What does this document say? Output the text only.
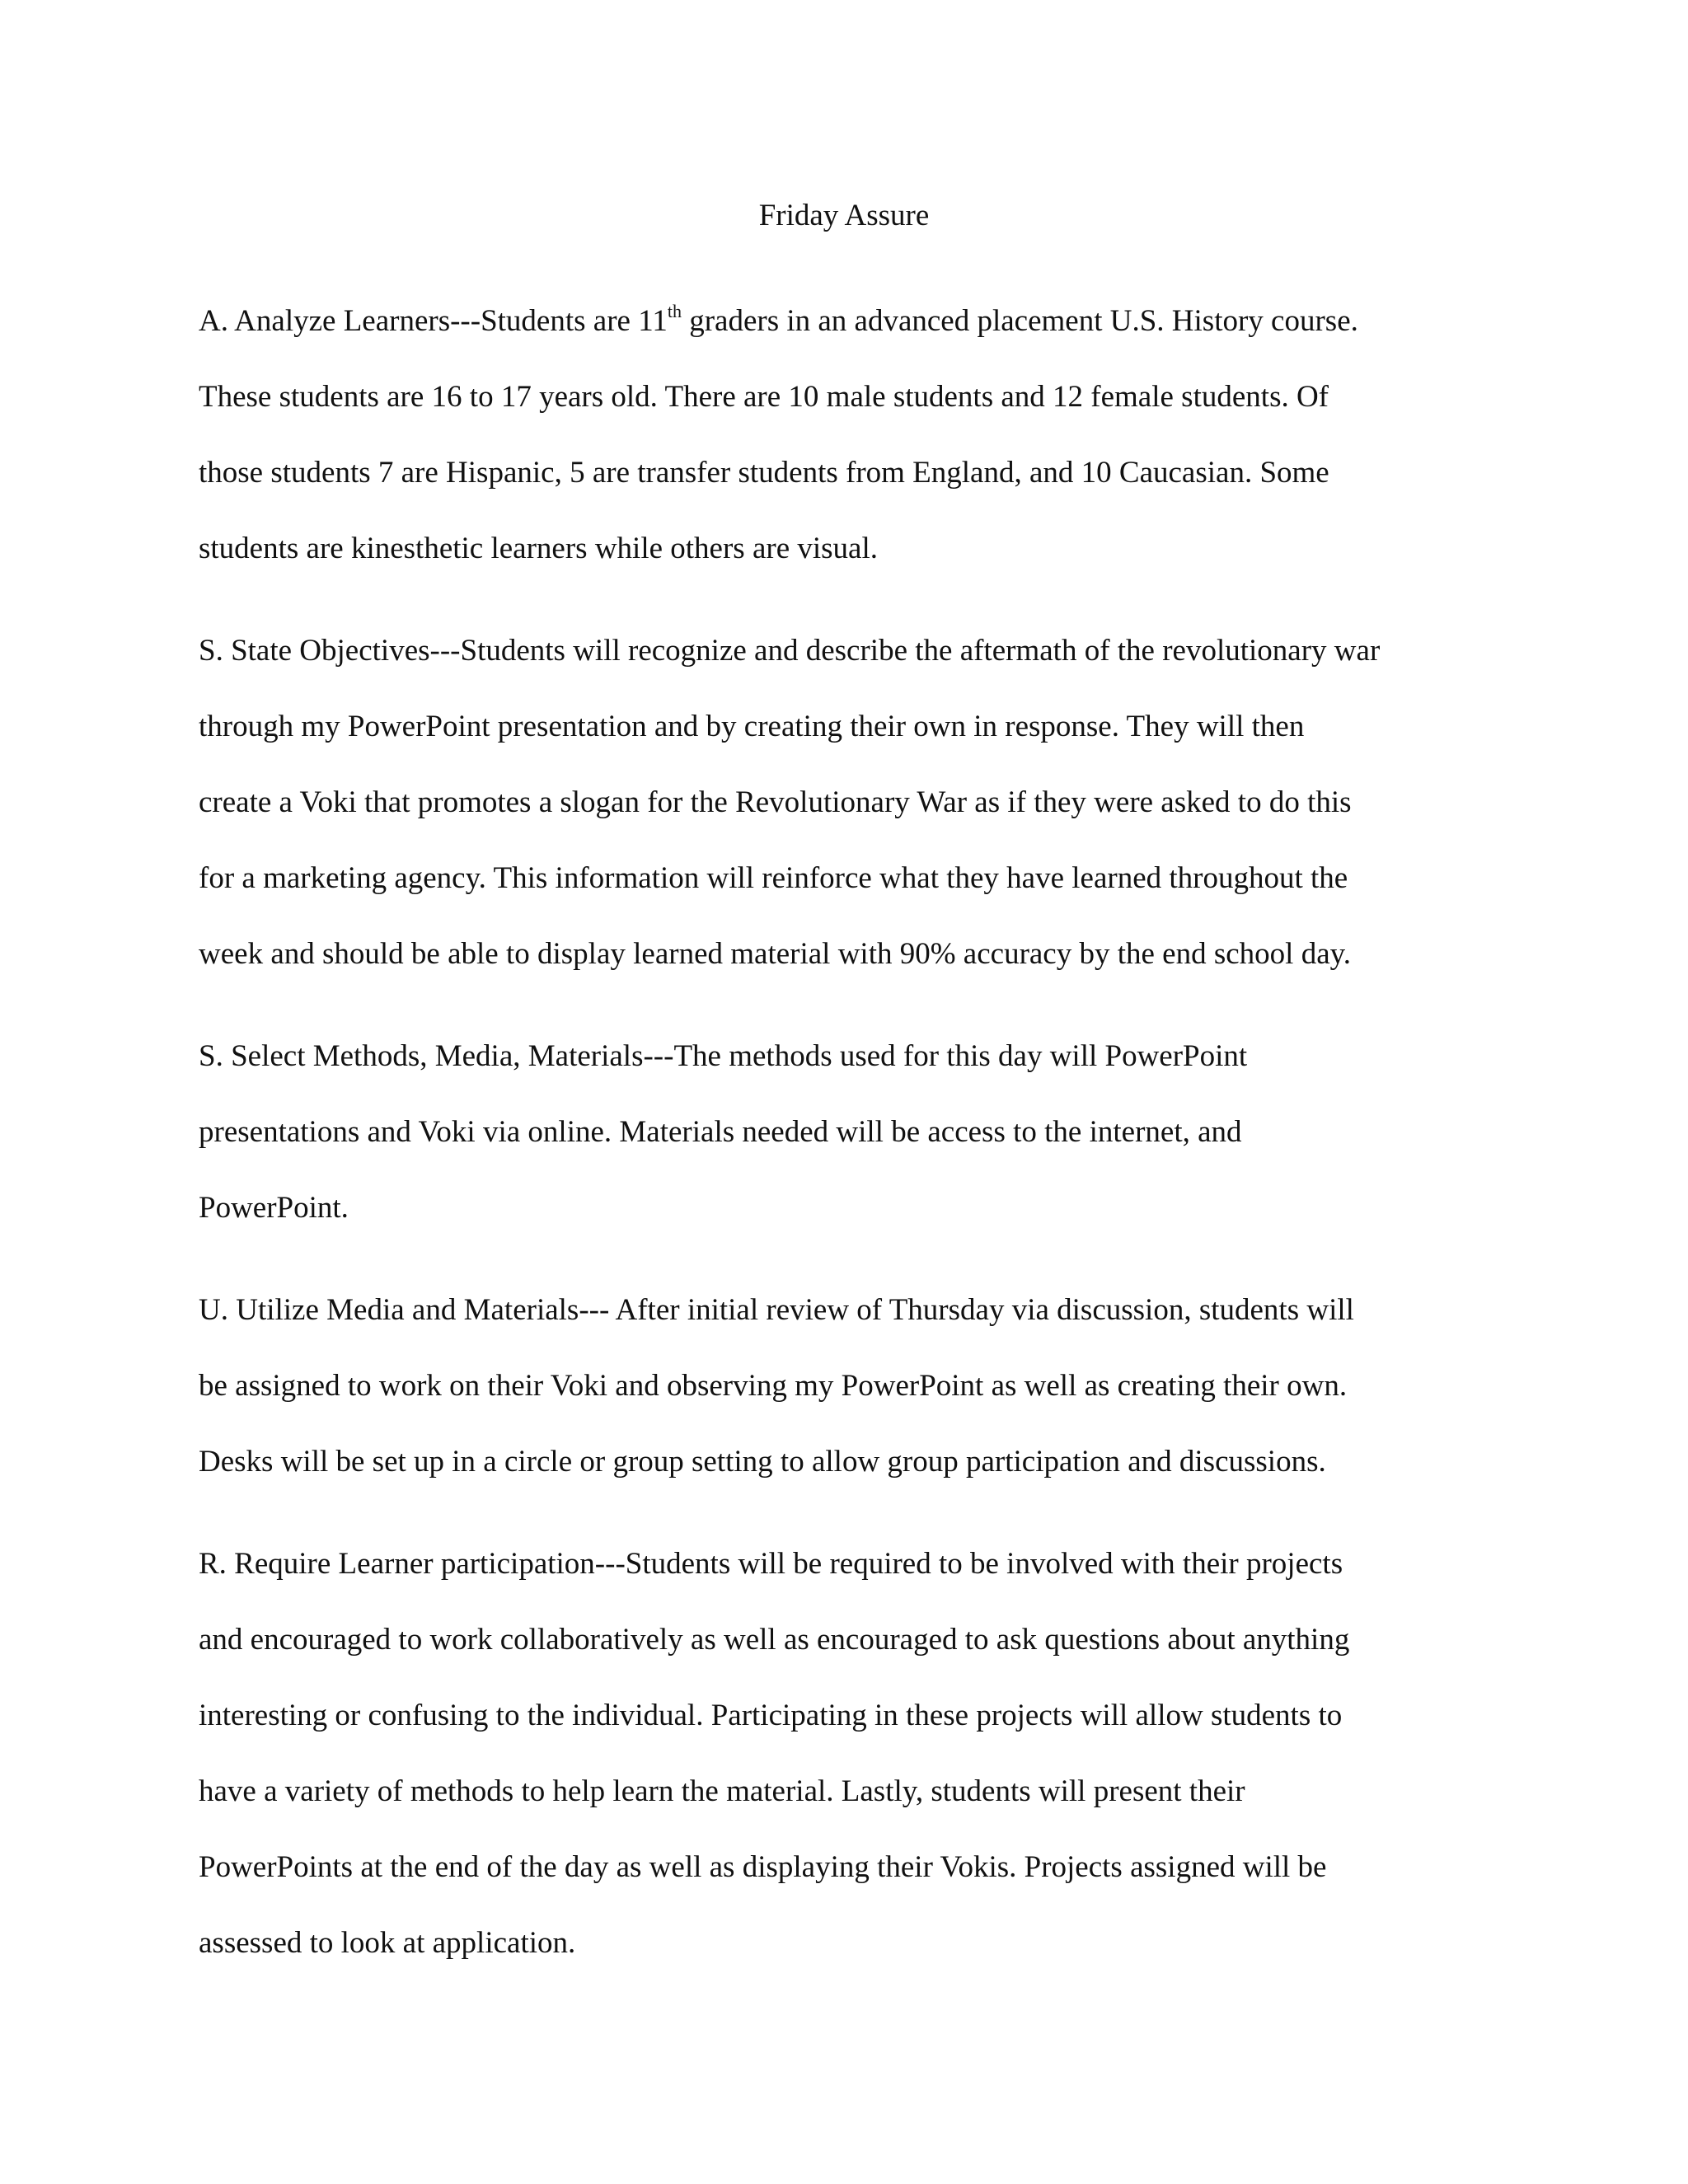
Friday Assure
A. Analyze Learners---Students are 11th graders in an advanced placement U.S. History course.
These students are 16 to 17 years old. There are 10 male students and 12 female students. Of
those students 7 are Hispanic, 5 are transfer students from England, and 10 Caucasian. Some
students are kinesthetic learners while others are visual.
S. State Objectives---Students will recognize and describe the aftermath of the revolutionary war
through my PowerPoint presentation and by creating their own in response. They will then
create a Voki that promotes a slogan for the Revolutionary War as if they were asked to do this
for a marketing agency. This information will reinforce what they have learned throughout the
week and should be able to display learned material with 90% accuracy by the end school day.
S. Select Methods, Media, Materials---The methods used for this day will PowerPoint
presentations and Voki via online. Materials needed will be access to the internet, and
PowerPoint.
U. Utilize Media and Materials--- After initial review of Thursday via discussion, students will
be assigned to work on their Voki and observing my PowerPoint as well as creating their own.
Desks will be set up in a circle or group setting to allow group participation and discussions.
R. Require Learner participation---Students will be required to be involved with their projects
and encouraged to work collaboratively as well as encouraged to ask questions about anything
interesting or confusing to the individual. Participating in these projects will allow students to
have a variety of methods to help learn the material. Lastly, students will present their
PowerPoints at the end of the day as well as displaying their Vokis. Projects assigned will be
assessed to look at application.
